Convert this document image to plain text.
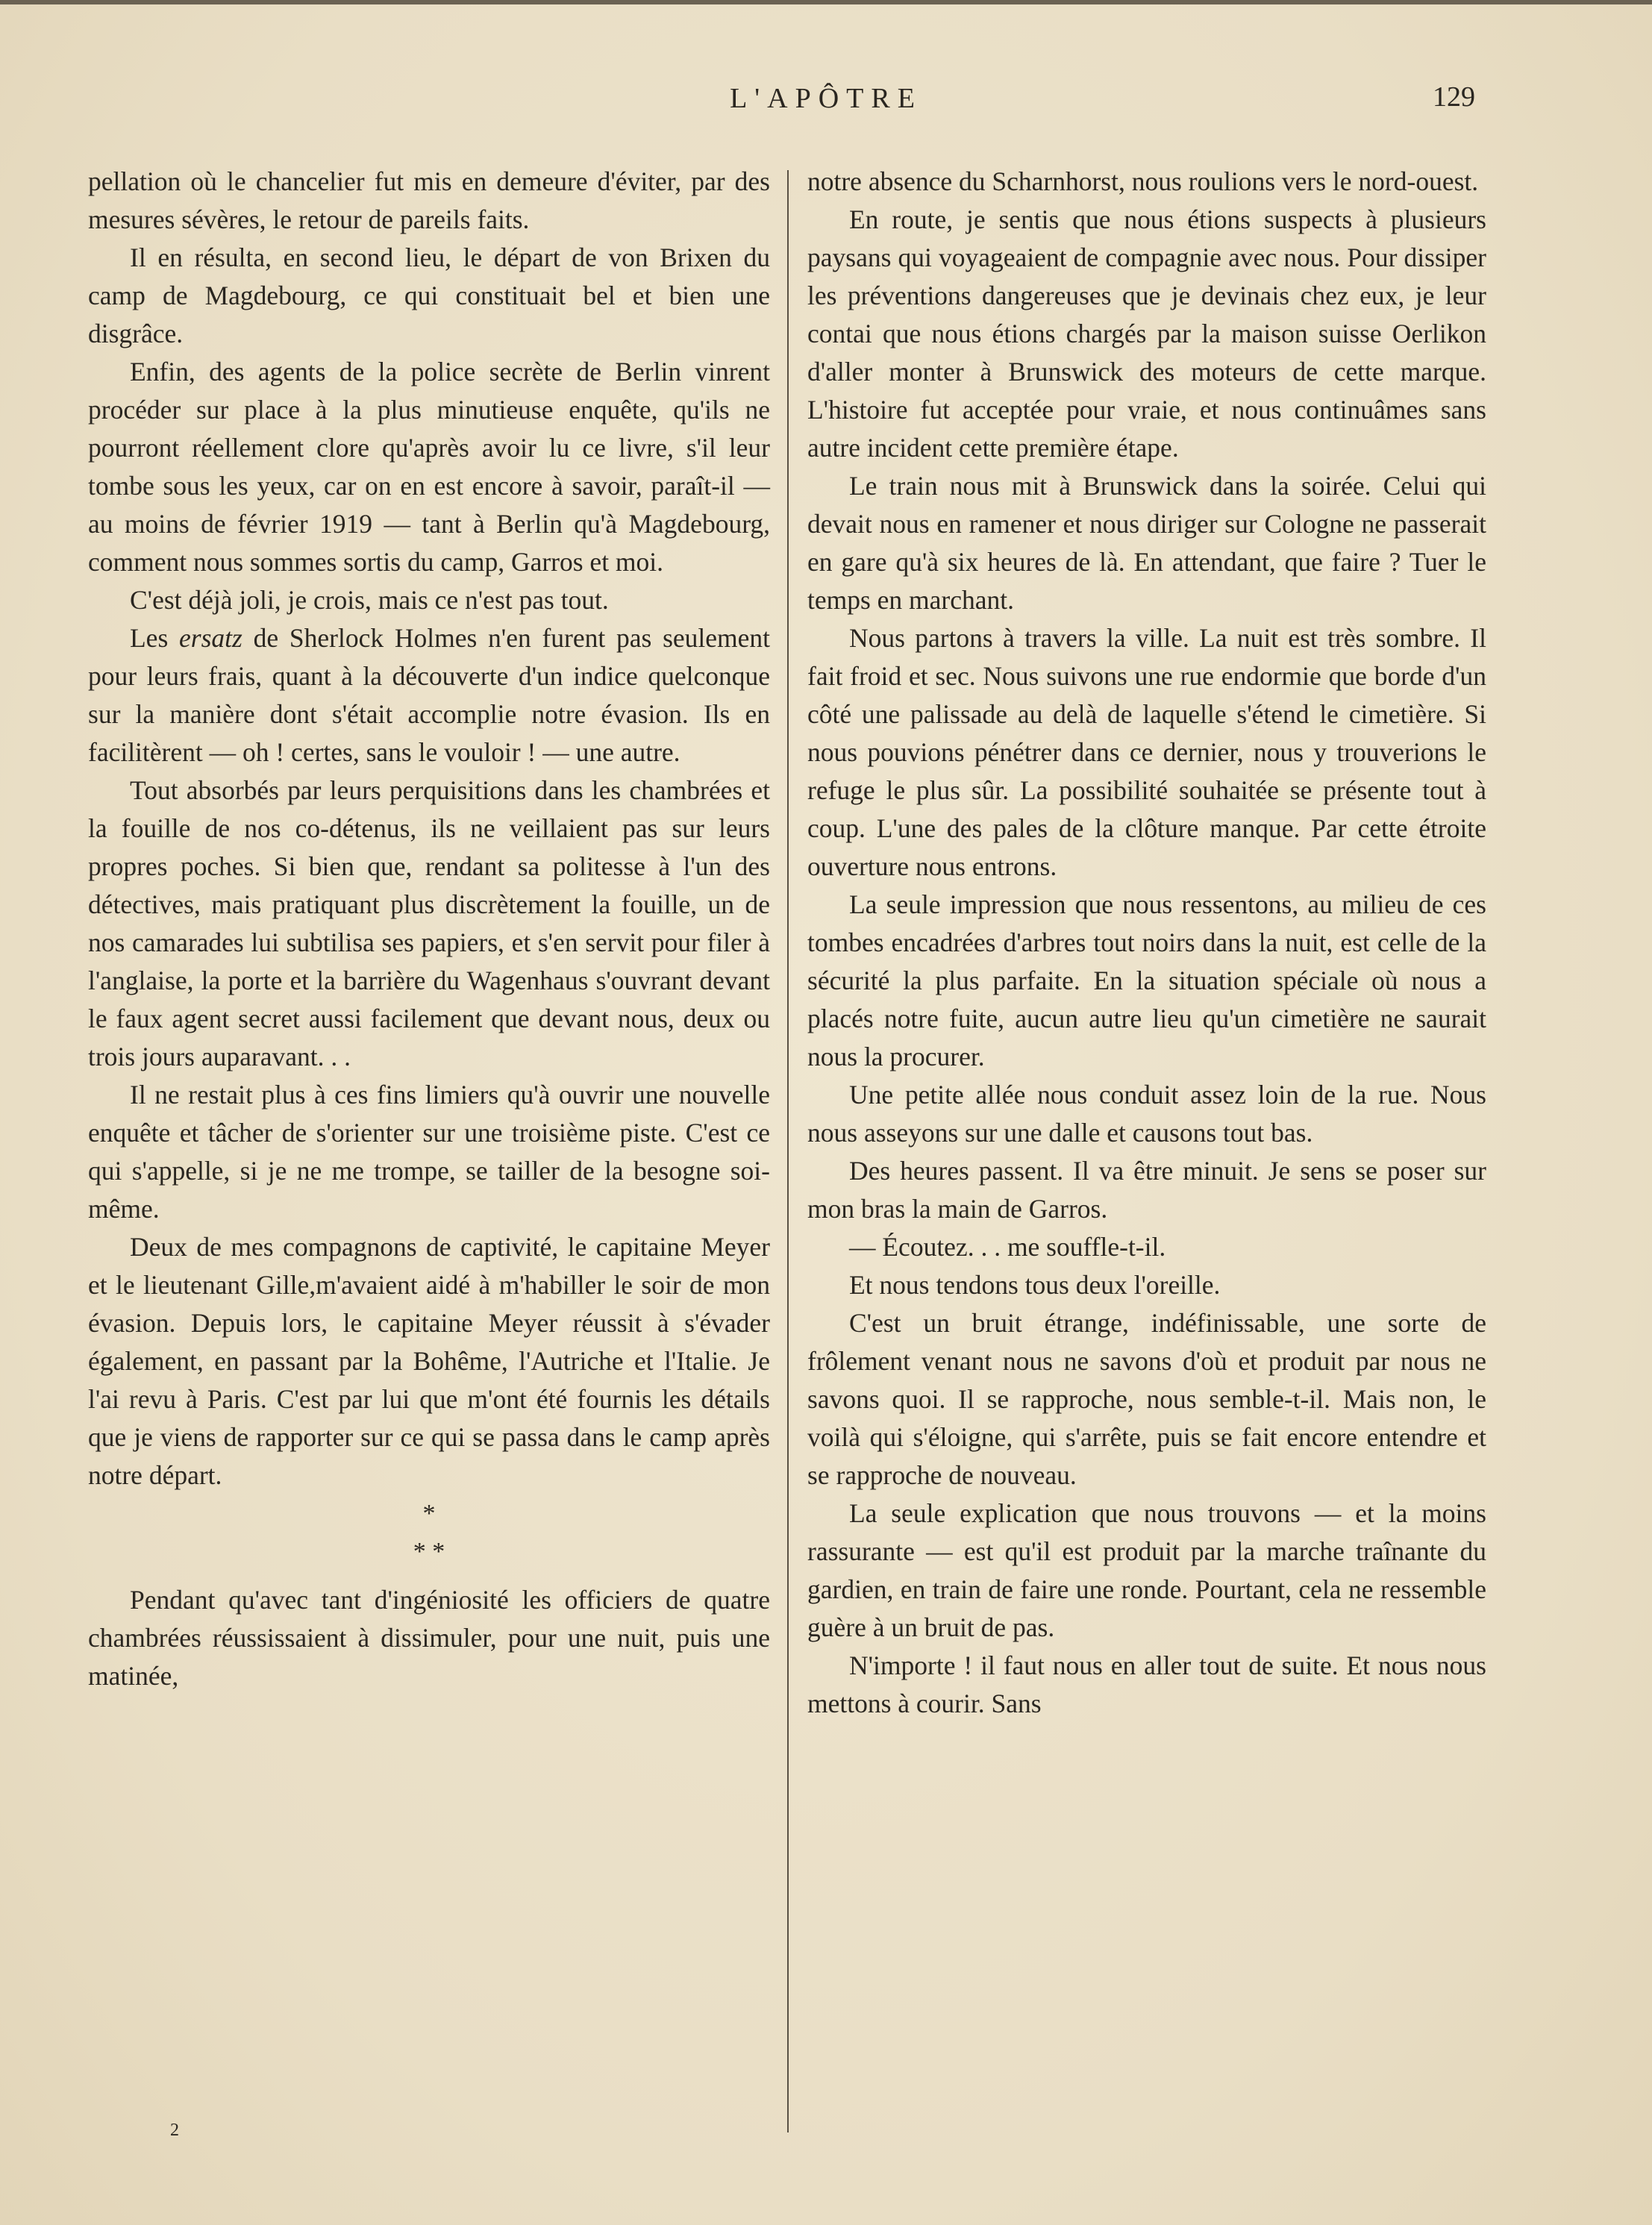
L'APÔTRE	129

pellation où le chancelier fut mis en demeure d'éviter, par des mesures sévères, le retour de pareils faits.

Il en résulta, en second lieu, le départ de von Brixen du camp de Magdebourg, ce qui constituait bel et bien une disgrâce.

Enfin, des agents de la police secrète de Berlin vinrent procéder sur place à la plus minutieuse enquête, qu'ils ne pourront réellement clore qu'après avoir lu ce livre, s'il leur tombe sous les yeux, car on en est encore à savoir, paraît-il — au moins de février 1919 — tant à Berlin qu'à Magdebourg, comment nous sommes sortis du camp, Garros et moi.

C'est déjà joli, je crois, mais ce n'est pas tout.

Les ersatz de Sherlock Holmes n'en furent pas seulement pour leurs frais, quant à la découverte d'un indice quelconque sur la manière dont s'était accomplie notre évasion. Ils en facilitèrent — oh ! certes, sans le vouloir ! — une autre.

Tout absorbés par leurs perquisitions dans les chambrées et la fouille de nos co-détenus, ils ne veillaient pas sur leurs propres poches. Si bien que, rendant sa politesse à l'un des détectives, mais pratiquant plus discrètement la fouille, un de nos camarades lui subtilisa ses papiers, et s'en servit pour filer à l'anglaise, la porte et la barrière du Wagenhaus s'ouvrant devant le faux agent secret aussi facilement que devant nous, deux ou trois jours auparavant. . .

Il ne restait plus à ces fins limiers qu'à ouvrir une nouvelle enquête et tâcher de s'orienter sur une troisième piste. C'est ce qui s'appelle, si je ne me trompe, se tailler de la besogne soi-même.

Deux de mes compagnons de captivité, le capitaine Meyer et le lieutenant Gille,m'avaient aidé à m'habiller le soir de mon évasion. Depuis lors, le capitaine Meyer réussit à s'évader également, en passant par la Bohême, l'Autriche et l'Italie. Je l'ai revu à Paris. C'est par lui que m'ont été fournis les détails que je viens de rapporter sur ce qui se passa dans le camp après notre départ.

*

* *

Pendant qu'avec tant d'ingéniosité les officiers de quatre chambrées réussissaient à dissimuler, pour une nuit, puis une matinée,

notre absence du Scharnhorst, nous roulions vers le nord-ouest.

En route, je sentis que nous étions suspects à plusieurs paysans qui voyageaient de compagnie avec nous. Pour dissiper les préventions dangereuses que je devinais chez eux, je leur contai que nous étions chargés par la maison suisse Oerlikon d'aller monter à Brunswick des moteurs de cette marque. L'histoire fut acceptée pour vraie, et nous continuâmes sans autre incident cette première étape.

Le train nous mit à Brunswick dans la soirée. Celui qui devait nous en ramener et nous diriger sur Cologne ne passerait en gare qu'à six heures de là. En attendant, que faire ? Tuer le temps en marchant.

Nous partons à travers la ville. La nuit est très sombre. Il fait froid et sec. Nous suivons une rue endormie que borde d'un côté une palissade au delà de laquelle s'étend le cimetière. Si nous pouvions pénétrer dans ce dernier, nous y trouverions le refuge le plus sûr. La possibilité souhaitée se présente tout à coup. L'une des pales de la clôture manque. Par cette étroite ouverture nous entrons.

La seule impression que nous ressentons, au milieu de ces tombes encadrées d'arbres tout noirs dans la nuit, est celle de la sécurité la plus parfaite. En la situation spéciale où nous a placés notre fuite, aucun autre lieu qu'un cimetière ne saurait nous la procurer.

Une petite allée nous conduit assez loin de la rue. Nous nous asseyons sur une dalle et causons tout bas.

Des heures passent. Il va être minuit. Je sens se poser sur mon bras la main de Garros.

— Écoutez. . . me souffle-t-il.

Et nous tendons tous deux l'oreille.

C'est un bruit étrange, indéfinissable, une sorte de frôlement venant nous ne savons d'où et produit par nous ne savons quoi. Il se rapproche, nous semble-t-il. Mais non, le voilà qui s'éloigne, qui s'arrête, puis se fait encore entendre et se rapproche de nouveau.

La seule explication que nous trouvons — et la moins rassurante — est qu'il est produit par la marche traînante du gardien, en train de faire une ronde. Pourtant, cela ne ressemble guère à un bruit de pas.

N'importe ! il faut nous en aller tout de suite. Et nous nous mettons à courir. Sans

2
